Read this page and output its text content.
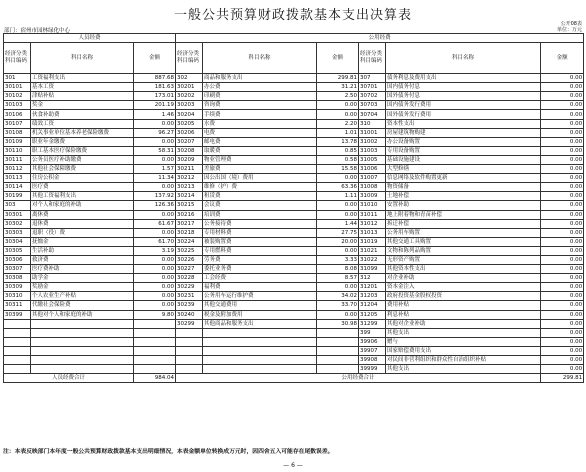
一般公共预算财政拨款基本支出决算表
公开08表
部门：宿州市园林绿化中心	单位：万元
人员经费			公用经费					
经济分类科目编码	科目名称	金额	经济分类科目编码	科目名称	金额	经济分类科目编码	科目名称	金额
301	工资福利支出	887.68	302	商品和服务支出	299.81	307	债务利息及费用支出	0.00
30101	基本工资	181.63	30201	办公费	31.21	30701	国内债务付息	0.00
30102	津贴补贴	173.01	30202	印刷费	2.50	30702	国外债务付息	0.00
30103	奖金	201.19	30203	咨询费	0.00	30703	国内债务发行费用	0.00
30106	伙食补助费	1.46	30204	手续费	0.00	30704	国外债务发行费用	0.00
30107	绩效工资	0.00	30205	水费	2.20	310	资本性支出	0.00
30108	机关事业单位基本养老保险缴费	96.27	30206	电费	1.01	31001	房屋建筑物购建	0.00
30109	职业年金缴费	0.00	30207	邮电费	13.78	31002	办公设备购置	0.00
30110	职工基本医疗保险缴费	58.31	30208	取暖费	0.85	31003	专用设备购置	0.00
30111	公务员医疗补助缴费	0.00	30209	物业管理费	0.58	31005	基础设施建设	0.00
30112	其他社会保障缴费	1.57	30211	差旅费	15.58	31006	大型修缮	0.00
30113	住房公积金	11.34	30212	因公出国（境）费用	0.00	31007	信息网络及软件购置更新	0.00
30114	医疗费	0.00	30213	维修（护）费	63.36	31008	物资储备	0.00
30199	其他工资福利支出	137.92	30214	租赁费	1.11	31009	土地补偿	0.00
303	对个人和家庭的补助	126.36	30215	会议费	0.00	31010	安置补助	0.00
30301	离休费	0.00	30216	培训费	0.00	31011	地上附着物和青苗补偿	0.00
30302	退休费	61.67	30217	公务接待费	1.44	31012	拆迁补偿	0.00
30303	退职（役）费	0.00	30218	专用材料费	27.75	31013	公务用车购置	0.00
30304	抚恤金	61.70	30224	被装购置费	20.00	31019	其他交通工具购置	0.00
30305	生活补助	3.19	30225	专用燃料费	0.00	31021	文物和陈列品购置	0.00
30306	救济费	0.00	30226	劳务费	3.33	31022	无形资产购置	0.00
30307	医疗费补助	0.00	30227	委托业务费	8.08	31099	其他资本性支出	0.00
30308	助学金	0.00	30228	工会经费	8.57	312	对企业补助	0.00
30309	奖励金	0.00	30229	福利费	0.00	31201	资本金注入	0.00
30310	个人农业生产补贴	0.00	30231	公务用车运行维护费	34.02	31203	政府投资基金股权投资	0.00
30311	代缴社会保险费	0.00	30239	其他交通费用	33.70	31204	费用补贴	0.00
30399	其他对个人和家庭的补助	9.80	30240	税金及附加费用	0.00	31205	利息补贴	0.00
			30299	其他商品和服务支出	30.98	31299	其他对企业补助	0.00
						399	其他支出	0.00
						39906	赠与	0.00
						39907	国家赔偿费用支出	0.00
						39908	对民间非营利组织和群众性自治组织补贴	0.00
						39999	其他支出	0.00
人员经费合计		984.04	公用经费合计					299.81
注：本表反映部门本年度一般公共预算财政拨款基本支出明细情况，本表金额单位转换成万元时，因四舍五入可能存在尾数误差。
— 6 —
